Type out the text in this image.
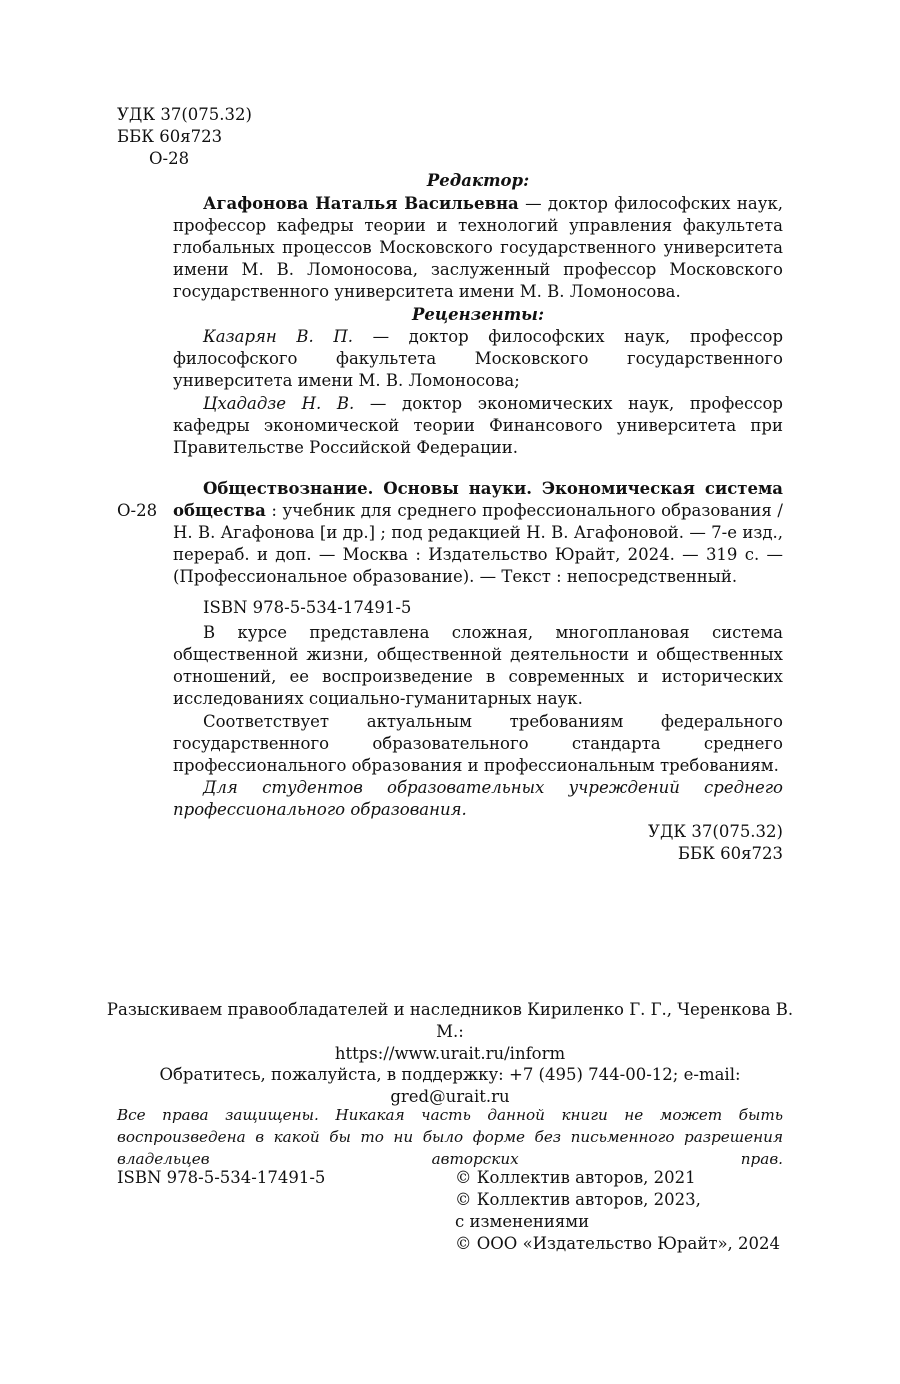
УДК 37(075.32)

ББК 60я723

О-28

Редактор:

Агафонова Наталья Васильевна — доктор философских наук, профессор кафедры теории и технологий управления факультета глобальных процессов Московского государственного университета имени М. В. Ломоносова, заслуженный профессор Московского государственного университета имени М. В. Ломоносова.

Рецензенты:

Казарян В. П. — доктор философских наук, профессор философского факультета Московского государственного университета имени М. В. Ломоносова;

Цхададзе Н. В. — доктор экономических наук, профессор кафедры экономической теории Финансового университета при Правительстве Российской Федерации.

О-28

Обществознание. Основы науки. Экономическая система общества : учебник для среднего профессионального образования / Н. В. Агафонова [и др.] ; под редакцией Н. В. Агафоновой. — 7-е изд., перераб. и доп. — Москва : Издательство Юрайт, 2024. — 319 с. — (Профессиональное образование). — Текст : непосредственный.

ISBN 978-5-534-17491-5

В курсе представлена сложная, многоплановая система общественной жизни, общественной деятельности и общественных отношений, ее воспроизведение в современных и исторических исследованиях социально-гуманитарных наук.

Соответствует актуальным требованиям федерального государственного образовательного стандарта среднего профессионального образования и профессиональным требованиям.

Для студентов образовательных учреждений среднего профессионального образования.

УДК 37(075.32)

ББК 60я723

Разыскиваем правообладателей и наследников Кириленко Г. Г., Черенкова В. М.:

https://www.urait.ru/inform

Обратитесь, пожалуйста, в поддержку: +7 (495) 744-00-12; e-mail: gred@urait.ru

Все права защищены. Никакая часть данной книги не может быть воспроизведена в какой бы то ни было форме без письменного разрешения владельцев авторских прав.

ISBN 978-5-534-17491-5	© Коллектив авторов, 2021

© Коллектив авторов, 2023,

с изменениями

© ООО «Издательство Юрайт», 2024
